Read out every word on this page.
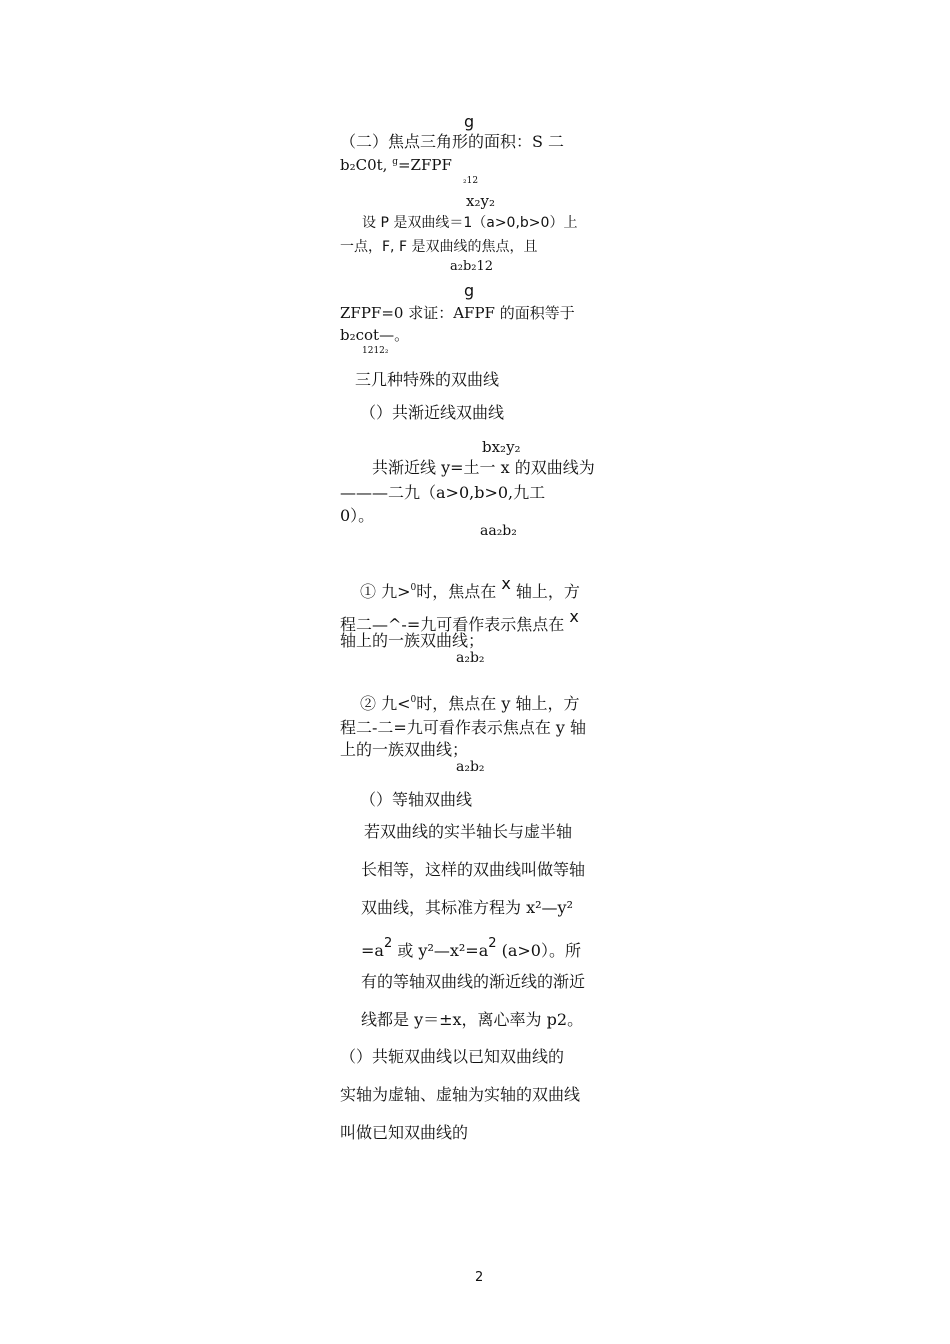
g
（二）焦点三角形的面积：S 二
b₂C0t, $^g$=ZFPF
₂12
x₂y₂
设 P 是双曲线＝1（a>0,b>0）上
一点，F, F 是双曲线的焦点，且
a₂b₂12
g
ZFPF=0 求证：AFPF 的面积等于
b₂cot—。
1212₂
三几种特殊的双曲线
（）共渐近线双曲线
bx₂y₂
共渐近线 y=土一 x 的双曲线为
———二九（a>0,b>0,九工
0）。
aa₂b₂
① 九>$^0$时，焦点在 x 轴上，方
程二—^-=九可看作表示焦点在 x
轴上的一族双曲线；
a₂b₂
② 九<$^0$时，焦点在 y 轴上，方
程二-二=九可看作表示焦点在 y 轴
上的一族双曲线；
a₂b₂
（）等轴双曲线
若双曲线的实半轴长与虚半轴
长相等，这样的双曲线叫做等轴
双曲线，其标准方程为 x²—y²
$=a^2$ 或 $y^2—x^2=a^2$ (a>0）。所
有的等轴双曲线的渐近线的渐近
线都是 y＝±x，离心率为 p2。
（）共轭双曲线以已知双曲线的
实轴为虚轴、虚轴为实轴的双曲线
叫做已知双曲线的
2
